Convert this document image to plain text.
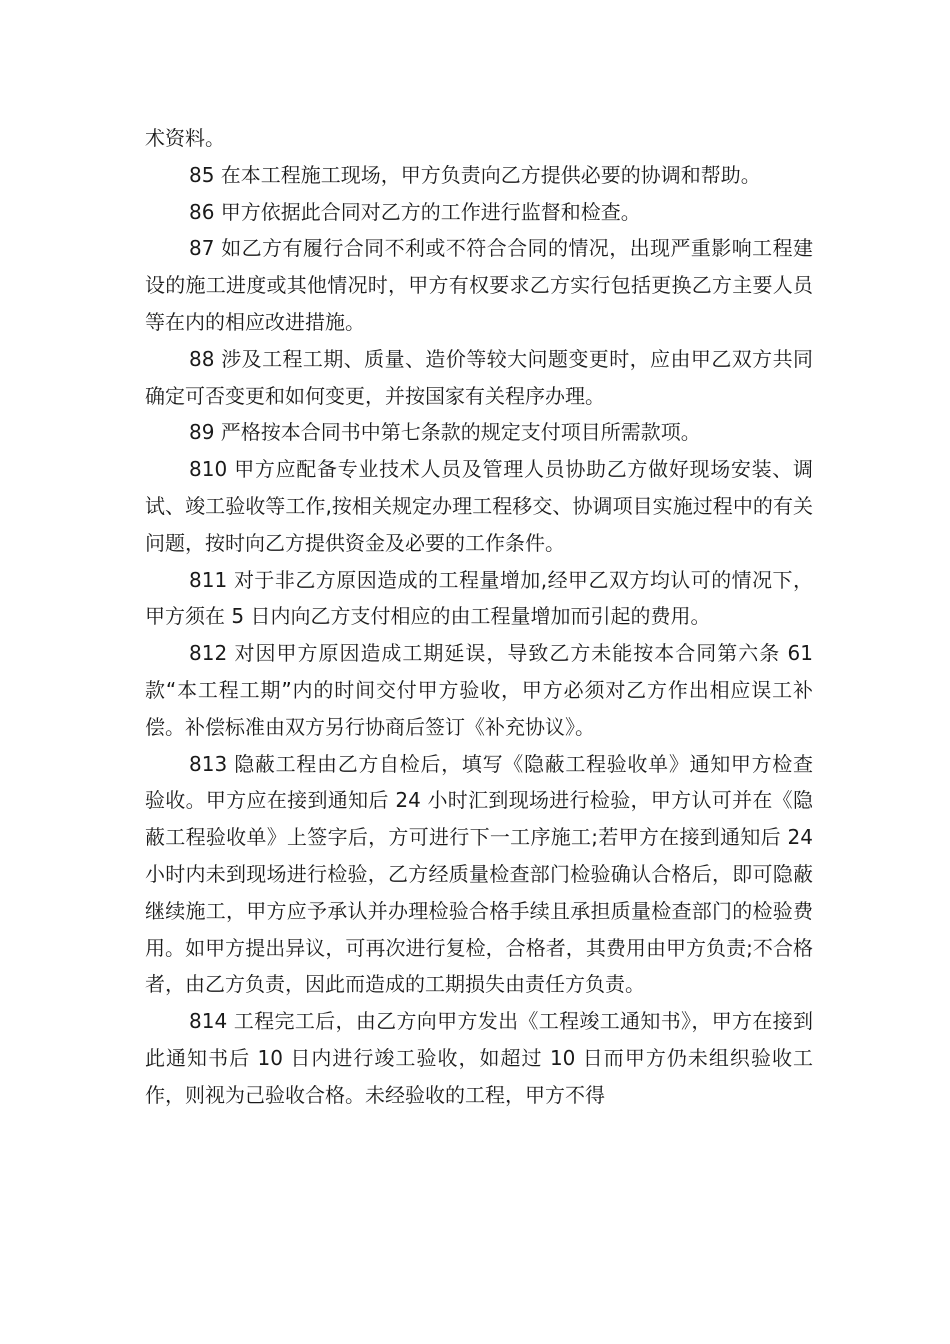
术资料。

85 在本工程施工现场，甲方负责向乙方提供必要的协调和帮助。

86 甲方依据此合同对乙方的工作进行监督和检查。

87 如乙方有履行合同不利或不符合合同的情况，出现严重影响工程建设的施工进度或其他情况时，甲方有权要求乙方实行包括更换乙方主要人员等在内的相应改进措施。

88 涉及工程工期、质量、造价等较大问题变更时，应由甲乙双方共同确定可否变更和如何变更，并按国家有关程序办理。

89 严格按本合同书中第七条款的规定支付项目所需款项。

810 甲方应配备专业技术人员及管理人员协助乙方做好现场安装、调试、竣工验收等工作,按相关规定办理工程移交、协调项目实施过程中的有关问题，按时向乙方提供资金及必要的工作条件。

811 对于非乙方原因造成的工程量增加,经甲乙双方均认可的情况下，甲方须在 5 日内向乙方支付相应的由工程量增加而引起的费用。

812 对因甲方原因造成工期延误，导致乙方未能按本合同第六条 61 款“本工程工期”内的时间交付甲方验收，甲方必须对乙方作出相应误工补偿。补偿标准由双方另行协商后签订《补充协议》。

813 隐蔽工程由乙方自检后，填写《隐蔽工程验收单》通知甲方检查验收。甲方应在接到通知后 24 小时汇到现场进行检验，甲方认可并在《隐蔽工程验收单》上签字后，方可进行下一工序施工;若甲方在接到通知后 24 小时内未到现场进行检验，乙方经质量检查部门检验确认合格后，即可隐蔽继续施工，甲方应予承认并办理检验合格手续且承担质量检查部门的检验费用。如甲方提出异议，可再次进行复检，合格者，其费用由甲方负责;不合格者，由乙方负责，因此而造成的工期损失由责任方负责。

814 工程完工后，由乙方向甲方发出《工程竣工通知书》，甲方在接到此通知书后 10 日内进行竣工验收，如超过 10 日而甲方仍未组织验收工作，则视为己验收合格。未经验收的工程，甲方不得
